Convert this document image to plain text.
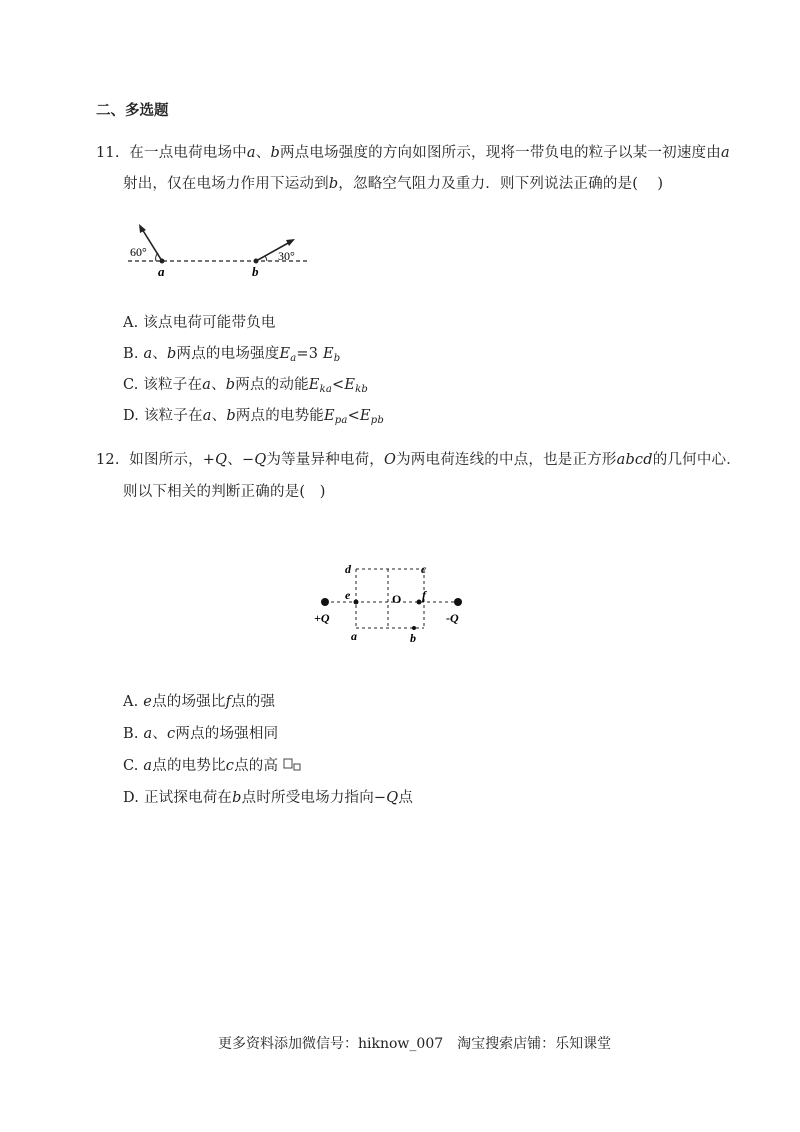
二、多选题
11. 在一点电荷电场中a、b两点电场强度的方向如图所示，现将一带负电的粒子以某一初速度由a
射出，仅在电场力作用下运动到b，忽略空气阻力及重力．则下列说法正确的是( )
60°	30°
a	b
A. 该点电荷可能带负电
B. a、b两点的电场强度$E_a=3$ $E_b$
C. 该粒子在a、b两点的动能$E_{ka}<E_{kb}$
D. 该粒子在a、b两点的电势能$E_{pa}<E_{pb}$
12. 如图所示，+Q、−Q为等量异种电荷，O为两电荷连线的中点，也是正方形abcd的几何中心．
则以下相关的判断正确的是( )
d	c
e	O f
+Q	-Q
a	b
A. e点的场强比f点的强
B. a、c两点的场强相同
C. a点的电势比c点的高
D. 正试探电荷在b点时所受电场力指向−Q点
更多资料添加微信号：hiknow_007　淘宝搜索店铺：乐知课堂
